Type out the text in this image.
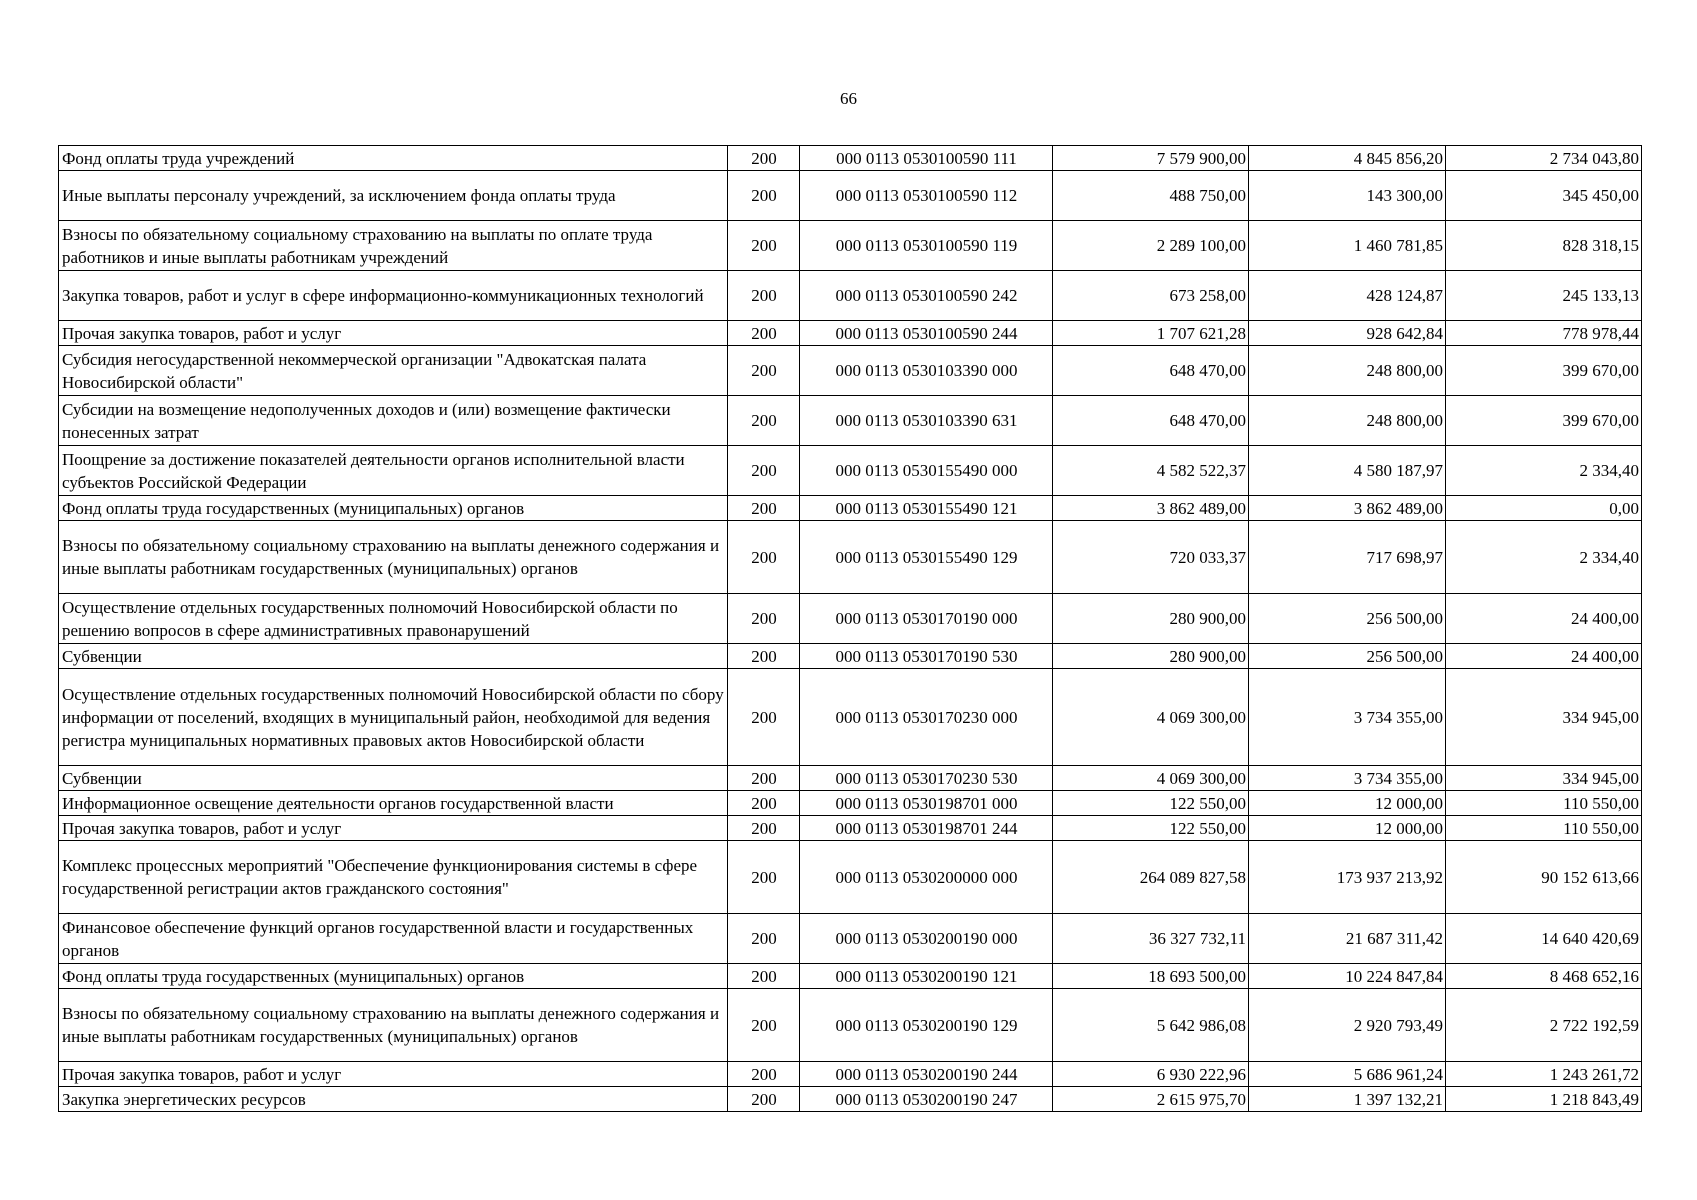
66
Фонд оплаты труда учреждений	200	000 0113 0530100590 111	7 579 900,00	4 845 856,20	2 734 043,80
Иные выплаты персоналу учреждений, за исключением фонда оплаты труда	200	000 0113 0530100590 112	488 750,00	143 300,00	345 450,00
Взносы по обязательному социальному страхованию на выплаты по оплате труда работников и иные выплаты работникам учреждений	200	000 0113 0530100590 119	2 289 100,00	1 460 781,85	828 318,15
Закупка товаров, работ и услуг в сфере информационно-коммуникационных технологий	200	000 0113 0530100590 242	673 258,00	428 124,87	245 133,13
Прочая закупка товаров, работ и услуг	200	000 0113 0530100590 244	1 707 621,28	928 642,84	778 978,44
Субсидия негосударственной некоммерческой организации "Адвокатская палата Новосибирской области"	200	000 0113 0530103390 000	648 470,00	248 800,00	399 670,00
Субсидии на возмещение недополученных доходов и (или) возмещение фактически понесенных затрат	200	000 0113 0530103390 631	648 470,00	248 800,00	399 670,00
Поощрение за достижение показателей деятельности органов исполнительной власти субъектов Российской Федерации	200	000 0113 0530155490 000	4 582 522,37	4 580 187,97	2 334,40
Фонд оплаты труда государственных (муниципальных) органов	200	000 0113 0530155490 121	3 862 489,00	3 862 489,00	0,00
Взносы по обязательному социальному страхованию на выплаты денежного содержания и иные выплаты работникам государственных (муниципальных) органов	200	000 0113 0530155490 129	720 033,37	717 698,97	2 334,40
Осуществление отдельных государственных полномочий Новосибирской области по решению вопросов в сфере административных правонарушений	200	000 0113 0530170190 000	280 900,00	256 500,00	24 400,00
Субвенции	200	000 0113 0530170190 530	280 900,00	256 500,00	24 400,00
Осуществление отдельных государственных полномочий Новосибирской области по сбору информации от поселений, входящих в муниципальный район, необходимой для ведения регистра муниципальных нормативных правовых актов Новосибирской области	200	000 0113 0530170230 000	4 069 300,00	3 734 355,00	334 945,00
Субвенции	200	000 0113 0530170230 530	4 069 300,00	3 734 355,00	334 945,00
Информационное освещение деятельности органов государственной власти	200	000 0113 0530198701 000	122 550,00	12 000,00	110 550,00
Прочая закупка товаров, работ и услуг	200	000 0113 0530198701 244	122 550,00	12 000,00	110 550,00
Комплекс процессных мероприятий "Обеспечение функционирования системы в сфере государственной регистрации актов гражданского состояния"	200	000 0113 0530200000 000	264 089 827,58	173 937 213,92	90 152 613,66
Финансовое обеспечение функций органов государственной власти и государственных органов	200	000 0113 0530200190 000	36 327 732,11	21 687 311,42	14 640 420,69
Фонд оплаты труда государственных (муниципальных) органов	200	000 0113 0530200190 121	18 693 500,00	10 224 847,84	8 468 652,16
Взносы по обязательному социальному страхованию на выплаты денежного содержания и иные выплаты работникам государственных (муниципальных) органов	200	000 0113 0530200190 129	5 642 986,08	2 920 793,49	2 722 192,59
Прочая закупка товаров, работ и услуг	200	000 0113 0530200190 244	6 930 222,96	5 686 961,24	1 243 261,72
Закупка энергетических ресурсов	200	000 0113 0530200190 247	2 615 975,70	1 397 132,21	1 218 843,49
